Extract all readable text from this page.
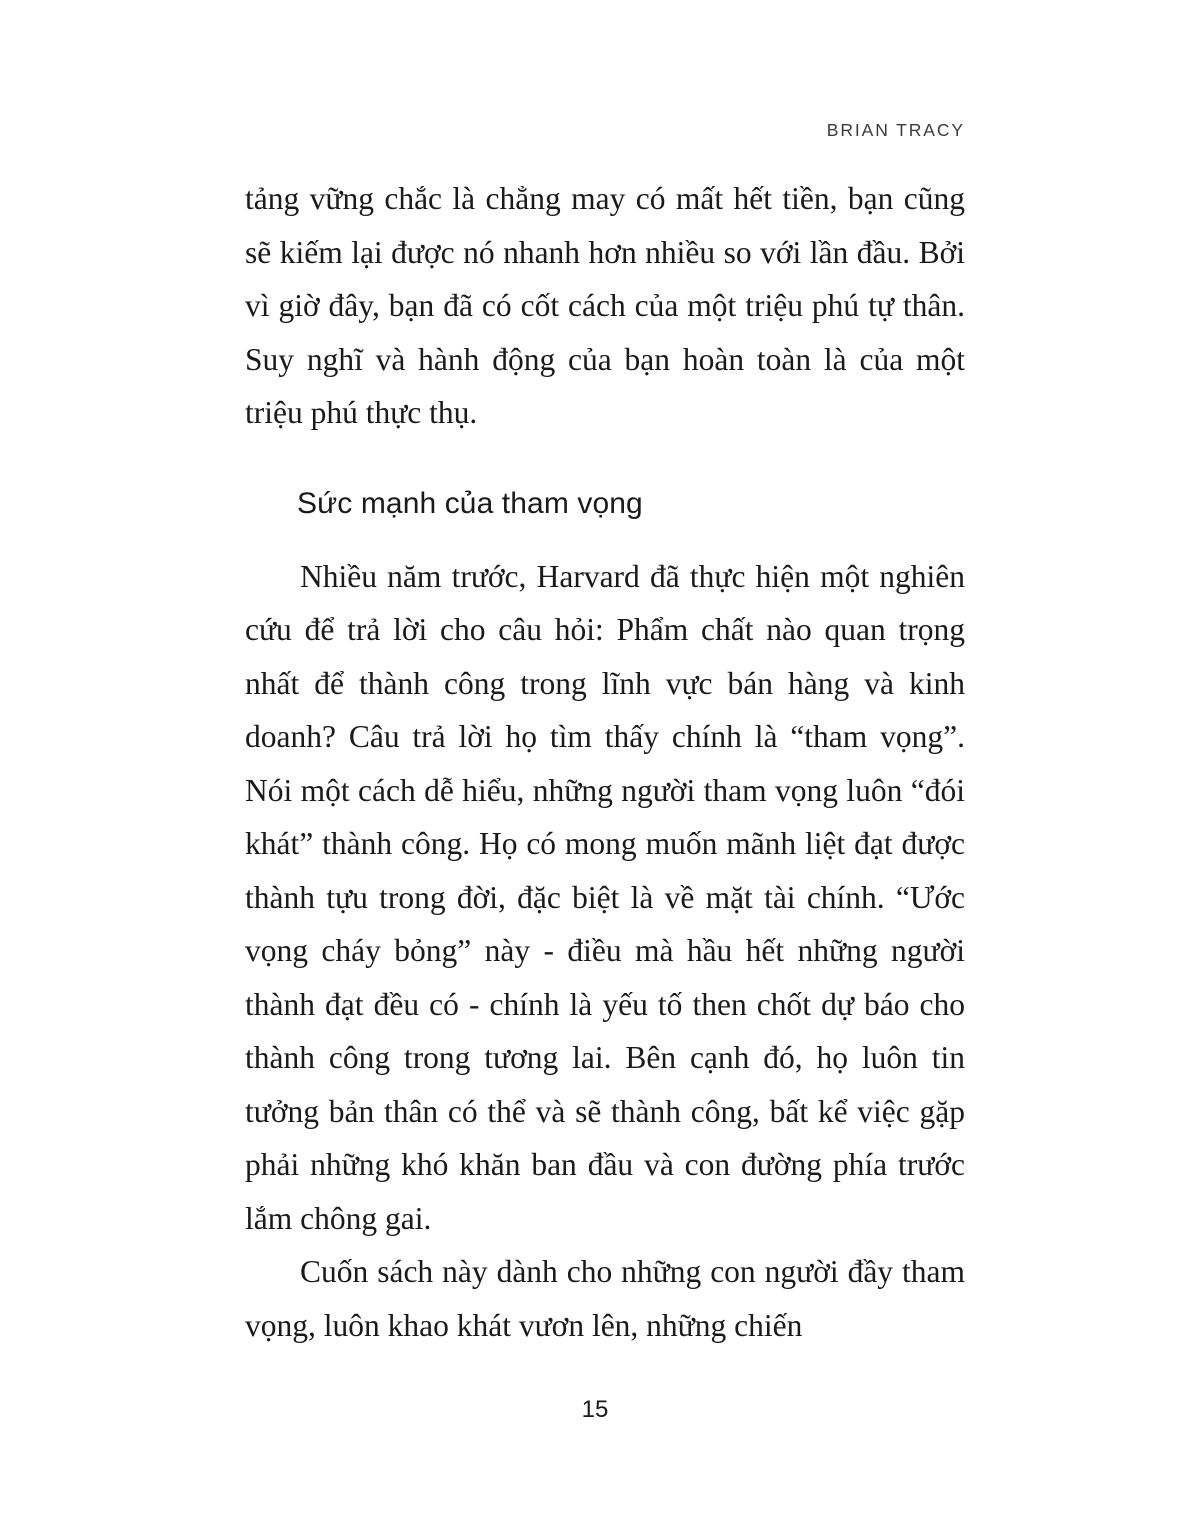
BRIAN TRACY

tảng vững chắc là chẳng may có mất hết tiền, bạn cũng sẽ kiếm lại được nó nhanh hơn nhiều so với lần đầu. Bởi vì giờ đây, bạn đã có cốt cách của một triệu phú tự thân. Suy nghĩ và hành động của bạn hoàn toàn là của một triệu phú thực thụ.

Sức mạnh của tham vọng

Nhiều năm trước, Harvard đã thực hiện một nghiên cứu để trả lời cho câu hỏi: Phẩm chất nào quan trọng nhất để thành công trong lĩnh vực bán hàng và kinh doanh? Câu trả lời họ tìm thấy chính là “tham vọng”. Nói một cách dễ hiểu, những người tham vọng luôn “đói khát” thành công. Họ có mong muốn mãnh liệt đạt được thành tựu trong đời, đặc biệt là về mặt tài chính. “Ước vọng cháy bỏng” này - điều mà hầu hết những người thành đạt đều có - chính là yếu tố then chốt dự báo cho thành công trong tương lai. Bên cạnh đó, họ luôn tin tưởng bản thân có thể và sẽ thành công, bất kể việc gặp phải những khó khăn ban đầu và con đường phía trước lắm chông gai.

Cuốn sách này dành cho những con người đầy tham vọng, luôn khao khát vươn lên, những chiến

15
